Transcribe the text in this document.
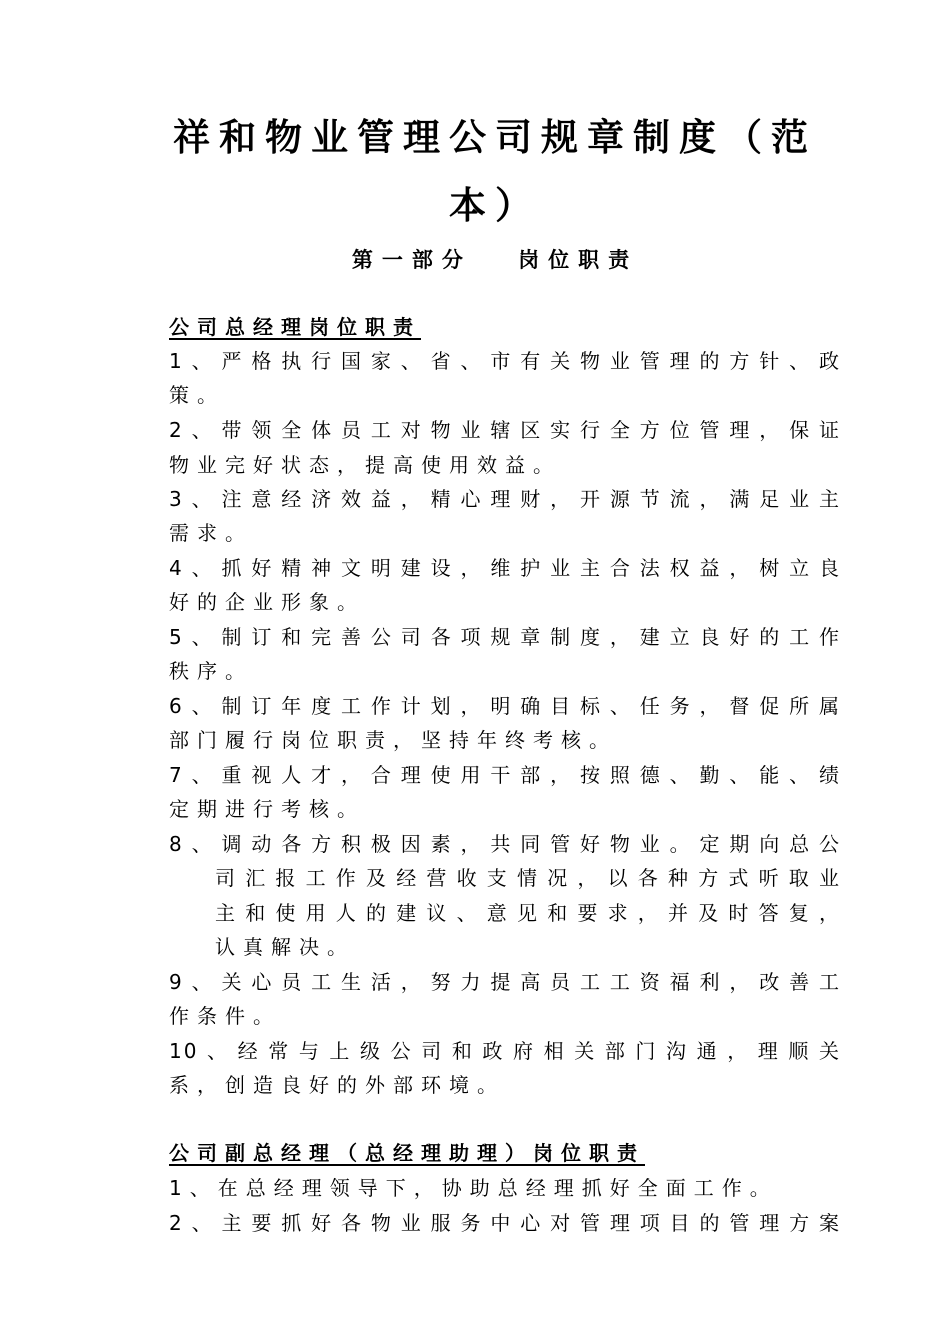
祥和物业管理公司规章制度（范
本）
第一部分　 岗位职责
公司总经理岗位职责
1、严格执行国家、省、市有关物业管理的方针、政
策。
2、带领全体员工对物业辖区实行全方位管理，保证
物业完好状态，提高使用效益。
3、注意经济效益，精心理财，开源节流，满足业主
需求。
4、抓好精神文明建设，维护业主合法权益，树立良
好的企业形象。
5、制订和完善公司各项规章制度，建立良好的工作
秩序。
6、制订年度工作计划，明确目标、任务，督促所属
部门履行岗位职责，坚持年终考核。
7、重视人才，合理使用干部，按照德、勤、能、绩
定期进行考核。
8、调动各方积极因素，共同管好物业。定期向总公
司汇报工作及经营收支情况，以各种方式听取业
主和使用人的建议、意见和要求，并及时答复，
认真解决。
9、关心员工生活，努力提高员工工资福利，改善工
作条件。
10、经常与上级公司和政府相关部门沟通，理顺关
系，创造良好的外部环境。
公司副总经理（总经理助理）岗位职责
1、在总经理领导下，协助总经理抓好全面工作。
2、主要抓好各物业服务中心对管理项目的管理方案
